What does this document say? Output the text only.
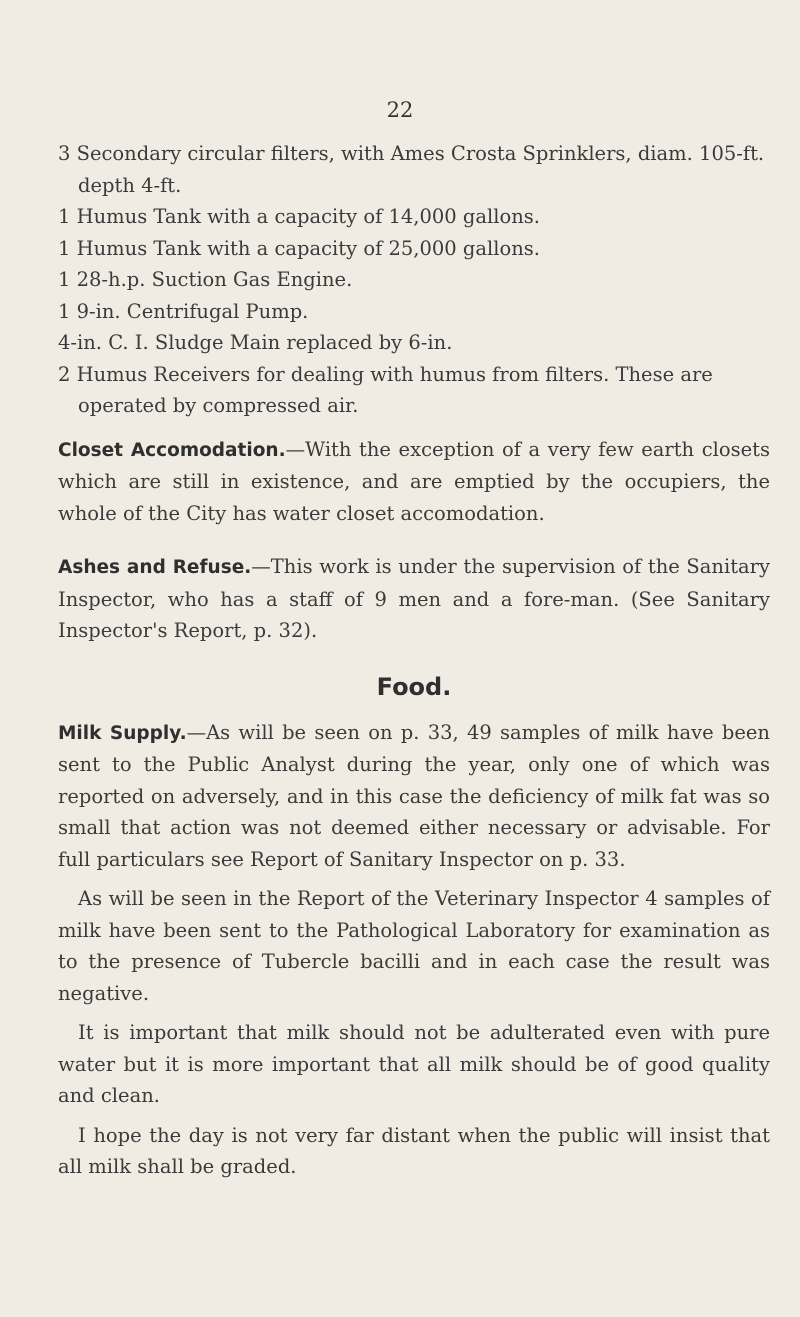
22

3 Secondary circular filters, with Ames Crosta Sprinklers, diam. 105-ft. depth 4-ft.

1 Humus Tank with a capacity of 14,000 gallons.

1 Humus Tank with a capacity of 25,000 gallons.

1 28-h.p. Suction Gas Engine.

1 9-in. Centrifugal Pump.

4-in. C. I. Sludge Main replaced by 6-in.

2 Humus Receivers for dealing with humus from filters. These are operated by compressed air.

Closet Accomodation.—With the exception of a very few earth closets which are still in existence, and are emptied by the occupiers, the whole of the City has water closet accomodation.

Ashes and Refuse.—This work is under the supervision of the Sanitary Inspector, who has a staff of 9 men and a fore-man. (See Sanitary Inspector's Report, p. 32).

Food.

Milk Supply.—As will be seen on p. 33, 49 samples of milk have been sent to the Public Analyst during the year, only one of which was reported on adversely, and in this case the deficiency of milk fat was so small that action was not deemed either necessary or advisable. For full particulars see Report of Sanitary Inspector on p. 33.

As will be seen in the Report of the Veterinary Inspector 4 samples of milk have been sent to the Pathological Laboratory for examination as to the presence of Tubercle bacilli and in each case the result was negative.

It is important that milk should not be adulterated even with pure water but it is more important that all milk should be of good quality and clean.

I hope the day is not very far distant when the public will insist that all milk shall be graded.
